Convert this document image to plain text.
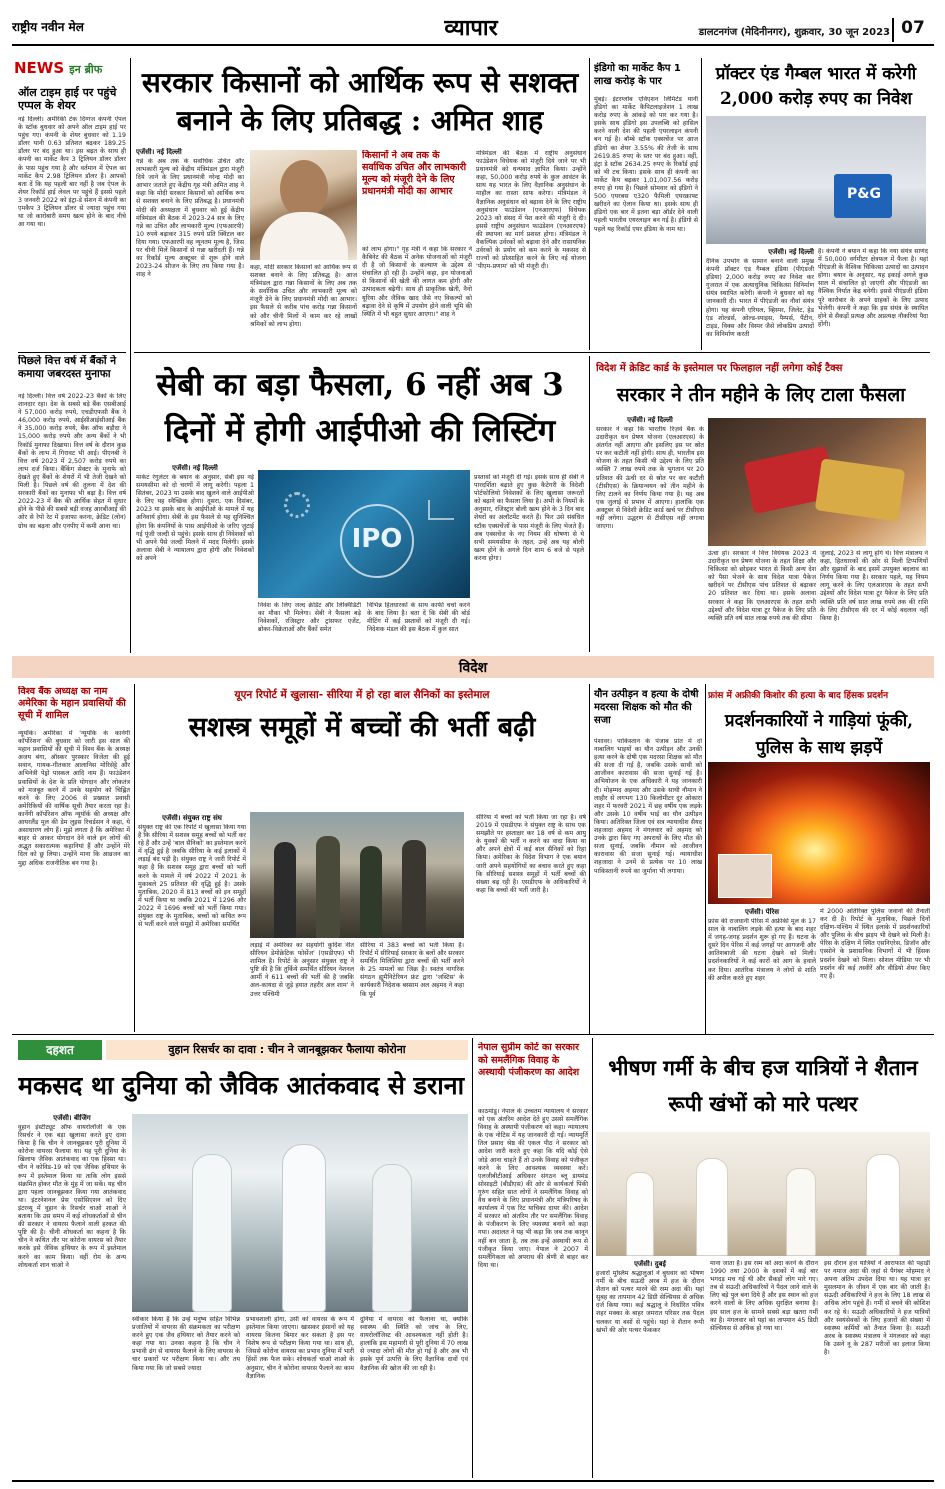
राष्ट्रीय नवीन मेल	व्यापार	डालटनगंज (मेदिनीनगर), शुक्रवार, 30 जून 2023 07
NEWS इन ब्रीफ
ऑल टाइम हाई पर पहुंचे एप्पल के शेयर
नई दिल्ली। अमेरिकी टेक दिग्गज कंपनी ऐपल के स्टॉक बुधवार को अपने ऑल टाइम हाई पर पहुंच गए। कंपनी के शेयर बुधवार को 1.19 डॉलर यानी 0.63 प्रतिशत बढ़कर 189.25 डॉलर पर बंद हुआ था। इस बढ़त के साथ ही कंपनी का मार्केट कैप 3 ट्रिलियन डॉलर डॉलर के पास पहुंच गया है और वर्तमान में ऐपल का मार्केट कैप 2.98 ट्रिलियन डॉलर है। आपको बता दें कि यह पहली बार नहीं है जब ऐपल के शेयर रिकॉर्ड हाई लेवल पर पहुंचे हैं इससे पहले 3 जनवरी 2022 को इंट्रा-डे सेशन में कंपनी का एमकैप 3 ट्रिलियन डॉलर से ज्यादा पहुंच गया था जो कारोबारी समय खत्म होने के बाद नीचे आ गया था।
पिछले वित्त वर्ष में बैंकों ने कमाया जबरदस्त मुनाफा
नई दिल्ली। वित्त वर्ष 2022-23 बैंकों के लिए शानदार रहा। देश के सबसे बड़े बैंक एसबीआई ने 57,000 करोड़ रुपये, एचडीएफसी बैंक ने 46,000 करोड़ रुपये, आईसीआईसीआई बैंक ने 35,000 करोड़ रुपये, बैंक ऑफ बड़ौदा ने 15,000 करोड़ रुपये और अन्य बैंकों ने भी रिकॉर्ड मुनाफा दिखाया। वित्त वर्ष के दौरान कुछ बैंकों के लाभ में गिरावट भी आई। पीएनबी ने वित्त वर्ष 2023 में 2,507 करोड़ रुपये का लाभ दर्ज किया। बैंकिंग सेक्टर के मुनाफे को देखते हुए बैंकों के शेयरों में भी तेजी देखने को मिली है। पिछले वर्ष की तुलना में देश की सरकारी बैंकों का मुनाफा भी बढ़ा है। वित्त वर्ष 2022-23 में बैंक की आर्थिक सेहत में सुधार होने के पीछे की सबसे बड़ी वजह आरबीआई की ओर से रेपो रेट में इजाफा करना, क्रेडिट (लोन) ग्रोथ का बढ़ना और एनपीए में कमी आना था।
सरकार किसानों को आर्थिक रूप से सशक्त बनाने के लिए प्रतिबद्ध : अमित शाह
एजेंसी। नई दिल्ली
गन्ने के अब तक के सर्वाधिक उचित और लाभकारी मूल्य को केंद्रीय मंत्रिमंडल द्वारा मंजूरी दिये जाने के लिए प्रधानमंत्री नरेन्द्र मोदी का आभार जताते हुए केंद्रीय गृह मंत्री अमित शाह ने कहा कि मोदी सरकार किसानों को आर्थिक रूप से सशक्त बनाने के लिए प्रतिबद्ध है। प्रधानमंत्री मोदी की अध्यक्षता में बुधवार को हुई केंद्रीय मंत्रिमंडल की बैठक में 2023-24 सत्र के लिए गन्ने का उचित और लाभकारी मूल्य (एफआरपी) 10 रुपये बढ़ाकर 315 रुपये प्रति क्विंटल कर दिया गया। एफआरपी वह न्यूनतम मूल्य है, जिस पर चीनी मिलें किसानों से गन्ना खरीदती हैं। गन्ने का रिकॉर्ड मूल्य अक्टूबर से शुरू होने वाले 2023-24 सीजन के लिए तय किया गया है। शाह ने
कहा, मोदी सरकार किसानों को आर्थिक रूप से सशक्त बनाने के लिए प्रतिबद्ध है। आज मंत्रिमंडल द्वारा गन्ना किसानों के लिए अब तक के सर्वाधिक उचित और लाभकारी मूल्य को मंजूरी देने के लिए प्रधानमंत्री मोदी का आभार। इस फैसले से करीब पांच करोड़ गन्ना किसानों को और चीनी मिलों में काम कर रहे लाखों श्रमिकों को लाभ होगा।
किसानों ने अब तक के सर्वाधिक उचित और लाभकारी मूल्य को मंजूरी देने के लिए प्रधानमंत्री मोदी का आभार
को लाभ होगा।" गृह मंत्री ने कहा कि सरकार ने कैबिनेट की बैठक में अनेक योजनाओं को मंजूरी दी है जो किसानों के कल्याण के उद्देश्य से संचालित हो रही हैं। उन्होंने कहा, इन योजनाओं से किसानों की खेती की लागत कम होगी और उत्पादकता बढ़ेगी। साथ ही प्राकृतिक खेती, नैनो यूरिया और जैविक खाद जैसे नए विकल्पों को बढ़ावा देने से कृषि में उपयोग होने वाली भूमि की स्थिति में भी बहुत सुधार आएगा।" शाह ने
मंत्रिमंडल की बैठक में राष्ट्रीय अनुसंधान फाउंडेशन विधेयक को मंजूरी दिये जाने पर भी प्रधानमंत्री को धन्यवाद ज्ञापित किया। उन्होंने कहा, 50,000 करोड़ रुपये के कुल आवंटन के साथ यह भारत के लिए वैज्ञानिक अनुसंधान के माहौल का रास्ता साफ करेगा। मंत्रिमंडल ने वैज्ञानिक अनुसंधान को बढ़ावा देने के लिए राष्ट्रीय अनुसंधान फाउंडेशन (एनआरएफ) विधेयक 2023 को संसद में पेश करने की मंजूरी दे दी। इससे राष्ट्रीय अनुसंधान फाउंडेशन (एनआरएफ) की स्थापना का मार्ग प्रशस्त होगा। मंत्रिमंडल ने वैकल्पिक उर्वरकों को बढ़ावा देने और रासायनिक उर्वरकों के प्रयोग को कम करने के मकसद से राज्यों को प्रोत्साहित करने के लिए नई योजना 'पीएम-प्रणाम' को भी मंजूरी दी।
इंडिगो का मार्केट कैप 1 लाख करोड़ के पार
मुंबई। इंटरग्लोब एविएशन लिमिटेड यानी इंडिगो का मार्केट कैपिटलाइजेशन 1 लाख करोड़ रुपए के आंकड़े को पार कर गया है। इसके साथ इंडिगो इस उपलब्धि को हासिल करने वाली देश की पहली एयरलाइन कंपनी बन गई है। बॉम्बे स्टॉक एक्सचेंज पर आज इंडिगो का शेयर 3.55% की तेजी के साथ 2619.85 रुपए के स्तर पर बंद हुआ। वहीं, इंट्रा डे स्टॉक 2634.25 रुपए के रिकॉर्ड हाई को भी टच किया। इसके साथ ही कंपनी का मार्केट कैप बढ़कर 1,01,007.56 करोड़ रुपए हो गया है। पिछले सोमवार को इंडिगो ने 500 एयरबस ए320 फैमिली एयरक्राफ्ट खरीदने का ऐलान किया था। इसके साथ ही इंडिगो एक बार में इतना बड़ा ऑर्डर देने वाली पहली भारतीय एयरलाइन बन गई है। इंडिगो से पहले यह रिकॉर्ड एयर इंडिया के नाम था।
प्रॉक्टर एंड गैम्बल भारत में करेगी 2,000 करोड़ रुपए का निवेश
P&G
एजेंसी। नई दिल्ली
दैनिक उपभोग के सामान बनाने वाली प्रमुख कंपनी प्रॉक्टर एंड गैम्बल इंडिया (पीएंडजी इंडिया) 2,000 करोड़ रुपए का निवेश कर गुजरात में एक अत्याधुनिक चिकित्सा विनिर्माण संयंत्र स्थापित करेगी। कंपनी ने बुधवार को यह जानकारी दी। भारत में पीएंडजी का नौवां संयंत्र होगा। यह कंपनी एरियल, व्हिस्पर, जिलेट, हेड एंड शोल्डर्स, ओल्ड-स्पाइस, पैम्पर्स, पैंटीन, टाइड, विक्स और विस्पर जैसे लोकप्रिय उत्पादों का विनिर्माण करती
है। कंपनी ने बयान में कहा कि नया संयंत्र साणंद में 50,000 वर्गमीटर क्षेत्रफल में फैला है। यहां पीएंडजी के वैश्विक चिकित्सा उत्पादों का उत्पादन होगा। बयान के अनुसार, यह इकाई अगले कुछ साल में संचालित हो जाएगी और पीएंडजी का वैश्विक निर्यात केंद्र बनेगी। इससे पीएंडजी इंडिया पूरे कारोबार के अपने ग्राहकों के लिए उत्पाद भेजेगी। कंपनी ने कहा कि इस संयंत्र के स्थापित होने से सैकड़ों प्रत्यक्ष और अप्रत्यक्ष नौकरियां पैदा होंगी।
सेबी का बड़ा फैसला, 6 नहीं अब 3 दिनों में होगी आईपीओ की लिस्टिंग
एजेंसी। नई दिल्ली
मार्केट रेगुलेटर के बयान के अनुसार, सेबी इस नई समयसीमा को दो चरणों में लागू करेगी। पहला 1 सितंबर, 2023 या उसके बाद खुलने वाले आईपीओ के लिए यह स्वैच्छिक होगा। दूसरा, एक दिसंबर, 2023 या इसके बाद के आईपीओ के मामले में यह अनिवार्य होगा। सेबी के इस फैसले से यह सुनिश्चित होगा कि कंपनियों के पास आईपीओ के जरिए जुटाई गई पूंजी जल्दी से पहुंचे। इसके साथ ही निवेशकों को भी अपने पैसे जल्दी मिलने में मदद मिलेगी। इसके अलावा सेबी ने न्यायालय द्वारा होगी और निवेशकों को अपने
IPO
निवेश के लिए जल्द क्रेडिट और लिक्विडिटी का मौका भी मिलेगा। सेबी ने फैसला बड़े निवेशकों, रजिस्ट्रार और ट्रांसफर एजेंट, ब्रोकर-विक्रेताओं और बैंकों समेत
विभिन्न हितधारकों के साथ काफी चर्चा करने के बाद लिया है। बता दें कि सेबी की बोर्ड मीटिंग में कई प्रस्तावों को मंजूरी दी गई। निदेशक मंडल की इस बैठक में कुल सात
प्रस्तावों को मंजूरी दी गई। इसके साथ ही सेबी ने पारदर्शिता बढ़ाते हुए कुछ कैटेगरी के विदेशी पोर्टफोलियो निवेशकों के लिए खुलासा जरूरतों को बढ़ाने का फैसला लिया है। अभी के नियमों के अनुसार, रजिस्ट्रार बोली खत्म होने के 3 दिन बाद शेयरों का अलॉटमेंट करते हैं। फिर उसे संबंधित स्टॉक एक्सचेंजों के पास मंजूरी के लिए भेजते हैं। अब एक्सचेंज के नए नियम की घोषणा से ये सभी समयसीमा के तहत, उन्हें अब यह बोली खत्म होने के अगले दिन शाम 6 बजे से पहले करना होगा।
विदेश में क्रेडिट कार्ड के इस्तेमाल पर फिलहाल नहीं लगेगा कोई टैक्स
सरकार ने तीन महीने के लिए टाला फैसला
एजेंसी। नई दिल्ली
सरकार ने कहा कि भारतीय रिज़र्व बैंक के उदारीकृत धन प्रेषण योजना (एलआरएस) के अंतर्गत नहीं आएगा और इसलिए इस पर स्रोत पर कर कटौती नहीं होगी। साथ ही, भारतीय इस योजना के तहत किसी भी उद्देश्य के लिए प्रति व्यक्ति 7 लाख रुपये तक के भुगतान पर 20 प्रतिशत की ऊंची दर से स्रोत पर कर कटौती (टीसीएस) के क्रियान्वयन को तीन महीने के लिए टालने का निर्णय किया गया है। यह अब एक जुलाई से प्रभाव में आएगा। हालांकि एक अक्टूबर से विदेशी क्रेडिट कार्ड खर्च पर टीसीएस नहीं लगेगा। उद्धरण से टीसीएस नहीं लगाया जाएगा।
ऊंचा हो। सरकार ने वित्त विधेयक 2023 में उदारीकृत धन प्रेषण योजना के तहत शिक्षा और चिकित्सा को छोड़कर भारत से किसी अन्य देश को पैसा भेजने के साथ विदेश यात्रा पैकेज खरीदने पर टीसीएस पांच प्रतिशत से बढ़ाकर 20 प्रतिशत कर दिया था। इसके अलावा सरकार ने कहा कि एलआरएस के तहत सभी उद्देश्यों और विदेश यात्रा टूर पैकेज के लिए प्रति व्यक्ति प्रति वर्ष सात लाख रुपये तक की सीमा
जुलाई, 2023 से लागू होंगे थे। वित्त मंत्रालय ने कहा, हितधारकों की ओर से मिली टिप्पणियों और सुझावों के बाद इसमें उपयुक्त बदलाव का निर्णय किया गया है। सरकार पहले, यह नियम लागू करने के लिए एलआरएस के तहत सभी उद्देश्यों और विदेश यात्रा टूर पैकेज के लिए प्रति व्यक्ति प्रति वर्ष सात लाख रुपये तक की राशि के लिए टीसीएस की दर में कोई बदलाव नहीं किया है।
विदेश
विश्व बैंक अध्यक्ष का नाम अमेरिका के महान प्रवासियों की सूची में शामिल
न्यूयॉर्क। अमेरिका में 'न्यूयॉर्क के कार्नेगी कॉर्पोरेशन' की बुधवार को जारी इस साल की महान प्रवासियों की सूची में विश्व बैंक के अध्यक्ष अजय बंगा, ऑस्कर पुरस्कार विजेता की हुई सवान, गायक-गीतकार आलानिस मोरिसेट्टे और अभिनेत्री पेड्रो पास्कल आदि नाम हैं। फाउंडेशन प्रवासियों के देश के प्रति योगदान और लोकतंत्र को मजबूत करने में उनके सहयोग को चिह्नित करने के लिए 2006 से प्रख्यात प्रवासी अमेरिकियों की वार्षिक सूची तैयार करता रहा है। कार्नेगी कॉर्पोरेशन ऑफ न्यूयॉर्क की अध्यक्ष और आयरलैंड मूल की डेम लुइस रिचर्डसन ने कहा, ये असाधारण लोग हैं। मुझे लगता है कि अमेरिका में बाहर से आकर योगदान देने वाले इन लोगों की अद्भुत सकारात्मक कहानियां हैं और उन्होंने मेरे दिल को छू लिया। उन्होंने माना कि आव्रजन का मुद्दा अधिक राजनीतिक बन गया है।
यूएन रिपोर्ट में खुलासा- सीरिया में हो रहा बाल सैनिकों का इस्तेमाल
सशस्त्र समूहों में बच्चों की भर्ती बढ़ी
एजेंसी। संयुक्त राष्ट्र संघ
संयुक्त राष्ट्र की एक रिपोर्ट में खुलासा किया गया है कि सीरिया में सशस्त्र समूह बच्चों को भर्ती कर रहे हैं और उन्हें 'बाल सैनिकों' का इस्तेमाल करने में वृद्धि हुई है जबकि सीरिया के कई इलाकों में लड़ाई बंद पड़ी है। संयुक्त राष्ट्र ने जारी रिपोर्ट में कहा है कि सशस्त्र समूह द्वारा बच्चों को भर्ती करने के मामले में वर्ष 2022 में 2021 के मुकाबले 25 प्रतिशत की वृद्धि हुई है। उसके मुताबिक, 2020 में 813 बच्चों को इन समूहों में भर्ती किया था जबकि 2021 में 1296 और 2022 में 1696 बच्चों को भर्ती किया गया। संयुक्त राष्ट्र के मुताबिक, बच्चों को कथित रूप से भर्ती करने वाले समूहों में अमेरिका समर्थित
लड़ाई में अमेरिका का सहयोगी कुर्दिश नीत सीरियन डेमोक्रेटिक फोर्सेज' (एसडीएफ) भी शामिल है। रिपोर्ट के अनुसार संयुक्त राष्ट्र ने पुष्टि की है कि तुर्किये समर्थित सीरियन नेशनल आर्मी ने 611 बच्चों की भर्ती की है जबकि अल-कायदा से जुड़े हयात तहरीर अल शाम' ने उत्तर पश्चिमी
सीरिया में 383 बच्चों को भर्ती किया है। रिपोर्ट में सीरियाई सरकार के बलों और सरकार समर्थित मिलिशिया द्वारा बच्चों की भर्ती करने के 25 मामलों का जिक्र है। स्वतंत्र नागरिक संगठन ह्यूमैनिटेरियन फ्रंट द्वारा 'जस्टिस' के कार्यकारी निदेशक बस्साम अल अहमद ने कहा कि पूर्व
सीरिया में बच्चों को भर्ती किया जा रहा है। वर्ष 2019 में एसडीएफ ने संयुक्त राष्ट्र के साथ एक समझौते पर हस्ताक्षर कर 18 वर्ष से कम आयु के युवकों की भर्ती न करने का वादा किया था और अपने क्षेत्रों में कई बाल सैनिकों को रिहा किया। अमेरिका के विदेश विभाग ने एक बयान जारी अपने सहयोगियों का बचाव करते हुए कहा कि सीरियाई सशस्त्र समूहों में भर्ती बच्चों की संख्या बढ़ रही है। एसडीएफ के अधिकारियों ने कहा कि बच्चों की भर्ती जारी है।
यौन उत्पीड़न व हत्या के दोषी मदरसा शिक्षक को मौत की सजा
पेशावर। पाकिस्तान के पंजाब प्रांत में दो नाबालिग भाइयों का यौन उत्पीड़न और उनकी हत्या करने के दोषी एक मदरसा शिक्षक को मौत की सजा दी गई है, जबकि उसके साथी को आजीवन कारावास की सजा सुनाई गई है। अभियोजन के एक अधिकारी ने यह जानकारी दी। मोहम्मद अहमद और उसके साथी नौमान ने लाहौर से लगभग 130 किलोमीटर दूर ओकारा शहर में फरवरी 2021 में छह वर्षीय एक लड़के और उसके 10 वर्षीय भाई का यौन उत्पीड़न किया। अतिरिक्त जिला एवं सत्र न्यायाधीश सैयद शहजादा अहमद ने मंगलवार को अहमद को उनके द्वारा किए गए अपराधों के लिए मौत की सजा सुनाई, जबकि नौमान को आजीवन कारावास की सजा सुनाई गई। न्यायाधीश शहजादा ने उनमें से प्रत्येक पर 10 लाख पाकिस्तानी रुपये का जुर्माना भी लगाया।
फ्रांस में अफ्रीकी किशोर की हत्या के बाद हिंसक प्रदर्शन
प्रदर्शनकारियों ने गाड़ियां फूंकी, पुलिस के साथ झड़पें
एजेंसी। पेरिस
फ्रांस की राजधानी पेरिस में अफ्रीकी मूल के 17 साल के नाबालिग लड़के की हत्या के बाद शहर में जगह-जगह प्रदर्शन शुरू हो गए हैं। घटना के दूसरे दिन पेरिस में कई जगहों पर आगजनी और आतिशबाजी की घटना देखने को मिली। प्रदर्शनकारियों ने कई कारों को आग के हवाले कर दिया। आतंरिक मंत्रालय ने लोगों से शांति की अपील करते हुए शहर
में 2000 अतिरिक्त पुलिस जवानों की तैनाती कर दी है। रिपोर्ट के मुताबिक, पिछले दिनों दक्षिण-पश्चिम में स्थित इलाके में प्रदर्शनकारियों और पुलिस के बीच झड़प भी देखने को मिली है। पेरिस के दक्षिण में स्थित एसनिएरेस, डिजॉन और एस्सोने के प्रशासनिक विभागों में भी हिंसक प्रदर्शन देखने को मिला। सोशल मीडिया पर भी प्रदर्शन की कई तस्वीरें और वीडियो शेयर किए गए हैं।
दहशत	वुहान रिसर्चर का दावा : चीन ने जानबूझकर फैलाया कोरोना
मकसद था दुनिया को जैविक आतंकवाद से डराना
एजेंसी। बीजिंग
वुहान इंस्टीट्यूट ऑफ वायरोलॉजी के एक रिसर्चर ने एक बड़ा खुलासा करते हुए दावा किया है कि चीन ने जानबूझकर पूरी दुनिया में कोरोना वायरस फैलाया था। यह पूरी दुनिया के खिलाफ जैविक आतंकवाद का एक हिस्सा था। चीन ने कोविड-19 को एक जैविक हथियार के रूप में इस्तेमाल किया था ताकि लोग इससे संक्रमित होकर मौत के मुंह में जा सकें। यह चीन द्वारा पहला जानबूझकर किया गया आतंकवाद था। इंटरनेशनल प्रेस एसोसिएशन को दिए इंटरव्यू में वुहान के रिसर्चर चाओ शाओ ने बताया कि उस समय में कई शोधकर्ताओं से चीन की सरकार ने वायरस फैलाने वाली हरकत की पुष्टि की है। चीनी शोधकर्ता का कहना है कि चीन ने कथित तौर पर कोरोना वायरस को तैयार करके इसे जैविक हथियार के रूप में इस्तेमाल करने का काम किया। वहीं रोम के अन्य शोधकर्ता शान चाओ ने
स्वीकार किया है कि उन्हें मनुष्य सहित विभिन्न प्रजातियों में वायरस की संक्रमकता का परीक्षण करने हुए एक जैव हथियार को तैयार करने को कहा गया था। उनका कहना है कि चीन ने प्रभावी ढंग से वायरस फैलाने के लिए वायरस के चार प्रकारों पर परीक्षण किया था। और तय किया गया कि जो सबसे ज्यादा
प्रभावशाली होगा, उसी को वायरस के रूप में इस्तेमाल किया जाएगा। खासकर इंसानों को यह वायरस कितना बिमार कर सकता है इस पर विशेष रूप से परीक्षण किया गया था। साथ ही, जिससे कोरोना वायरस का प्रभाव दुनिया में भारी हिंसों तक फैल सके। शोधकर्ता चाओ शाओ के अनुसार, चीन ने कोरोना वायरस फैलाने का काम वैज्ञानिक
दुनिया में वायरस को फैलाना था, क्योंकि स्वास्थ्य की स्थिति को जांच के लिए, वायरोलॉजिस्ट की आवश्यकता नहीं होती है। हालांकि इस महामारी से पूरी दुनिया में 70 लाख से ज्यादा लोगों की मौत हो गई है और अब भी इसके पूर्ण उत्पत्ति के लिए वैज्ञानिक दावों एवं वैज्ञानिक की खोज की जा रही है।
नेपाल सुप्रीम कोर्ट का सरकार को समलैंगिक विवाह के अस्थायी पंजीकरण का आदेश
काठमांडू। नेपाल के उच्चतम न्यायालय ने सरकार को एक अंतरिम आदेश देते हुए उससे समलैंगिक विवाह के अस्थायी पंजीकरण को कहा। न्यायालय के एक नोटिस में यह जानकारी दी गई। न्यायमूर्ति तिल प्रसाद श्रेष्ठ की एकल पीठ ने सरकार को आदेश जारी करते हुए कहा कि यदि कोई ऐसे जोड़े आना चाहते हैं तो उनके विवाह को पंजीकृत करने के लिए आवश्यक व्यवस्था करें। एलजीबीटीआई अधिकार संगठन ब्लू डायमंड सोसाइटी (बीडीएस) की ओर से कार्यकर्ता पिंकी गुरुंग सहित सात लोगों ने समलैंगिक विवाह को वैध बनाने के लिए प्रधानमंत्री और मंत्रिपरिषद के कार्यालय में एक रिट याचिका दायर की। आदेश में सरकार को अंतरिम तौर पर समलैंगिक विवाह के पंजीकरण के लिए व्यवस्था बनाने को कहा गया। अदालत ने यह भी कहा कि जब तक कानून नहीं बन जाता है, तब तक इन्हें अस्थायी रूप से पंजीकृत किया जाए। नेपाल ने 2007 में समलैंगिकता को अपराध की श्रेणी से बाहर कर दिया था।
भीषण गर्मी के बीच हज यात्रियों ने शैतान रूपी खंभों को मारे पत्थर
एजेंसी। दुबई
हजारों मुस्लिम श्रद्धालुओं ने बुधवार को भीषण गर्मी के बीच सऊदी अरब में हज के दौरान शैतान को पत्थर मारने की रस्म अदा की। यहां सुबह का तापमान 42 डिग्री सेल्सियस से अधिक दर्ज किया गया। कई श्रद्धालु ने निर्धारित पवित्र शहर मक्का के बाहर जमरात परिसर तक पैदल चलकर या बसों से पहुंचे। यहां वे शैतान रूपी खंभों की ओर पत्थर फेंककर
माना जाता है। इस रस्म को अदा करने के दौरान 1990 तथा 2000 के दशकों में कई बार भगदड़ मच गई थी और सैकड़ों लोग मारे गए। तब से सऊदी अधिकारियों ने पैदल जाने वाले के लिए बड़े पुल बना दिये हैं और इस स्थान को हज करने वालों के लिए अधिक सुरक्षित बनाया है। इस साल हज के सामने सबसे बड़ा खतरा गर्मी का है। मंगलवार को यहां का तापमान 45 डिग्री सेल्सियस से अधिक हो गया था।
इस दौरान हज यात्रियों ने आराफात की पहाड़ी पर नमाज अदा की जहां से पैगंबर मोहम्मद ने अपना अंतिम उपदेश दिया था। यह यात्रा हर मुसलमान के जीवन में एक बार की जाती है। सऊदी अधिकारियों ने हज के लिए 18 लाख से अधिक लोग पहुंचे हैं। गर्मी से बचने की कोशिश कर रहे थे। सऊदी अधिकारियों ने हज यात्रियों और स्वयंसेवकों के लिए हजारों की संख्या में स्वास्थ्य कर्मियों को तैनात किया है। सऊदी अरब के स्वास्थ्य मंत्रालय ने मंगलवार को कहा कि उसने नू के 287 मरीजों का इलाज किया है।
